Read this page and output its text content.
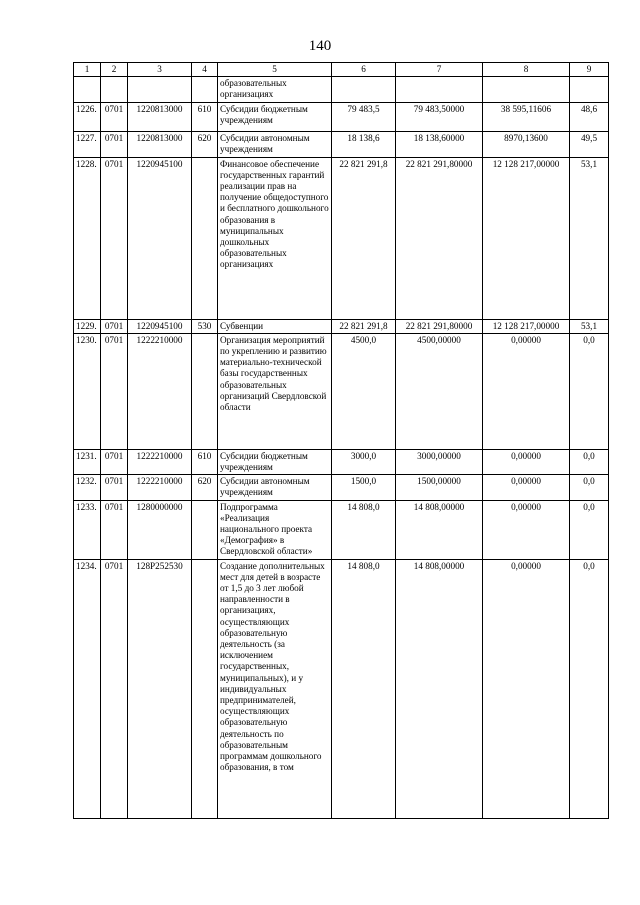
140
1	2	3	4	5	6	7	8	9
				образовательных организациях				
1226.	0701	1220813000	610	Субсидии бюджетным учреждениям	79 483,5	79 483,50000	38 595,11606	48,6
1227.	0701	1220813000	620	Субсидии автономным учреждениям	18 138,6	18 138,60000	8970,13600	49,5
1228.	0701	1220945100		Финансовое обеспечение государственных гарантий реализации прав на получение общедоступного и бесплатного дошкольного образования в муниципальных дошкольных образовательных организациях	22 821 291,8	22 821 291,80000	12 128 217,00000	53,1
1229.	0701	1220945100	530	Субвенции	22 821 291,8	22 821 291,80000	12 128 217,00000	53,1
1230.	0701	1222210000		Организация мероприятий по укреплению и развитию материально-технической базы государственных образовательных организаций Свердловской области	4500,0	4500,00000	0,00000	0,0
1231.	0701	1222210000	610	Субсидии бюджетным учреждениям	3000,0	3000,00000	0,00000	0,0
1232.	0701	1222210000	620	Субсидии автономным учреждениям	1500,0	1500,00000	0,00000	0,0
1233.	0701	1280000000		Подпрограмма «Реализация национального проекта «Демография» в Свердловской области»	14 808,0	14 808,00000	0,00000	0,0
1234.	0701	128P252530		Создание дополнительных мест для детей в возрасте от 1,5 до 3 лет любой направленности в организациях, осуществляющих образовательную деятельность (за исключением государственных, муниципальных), и у индивидуальных предпринимателей, осуществляющих образовательную деятельность по образовательным программам дошкольного образования, в том	14 808,0	14 808,00000	0,00000	0,0
